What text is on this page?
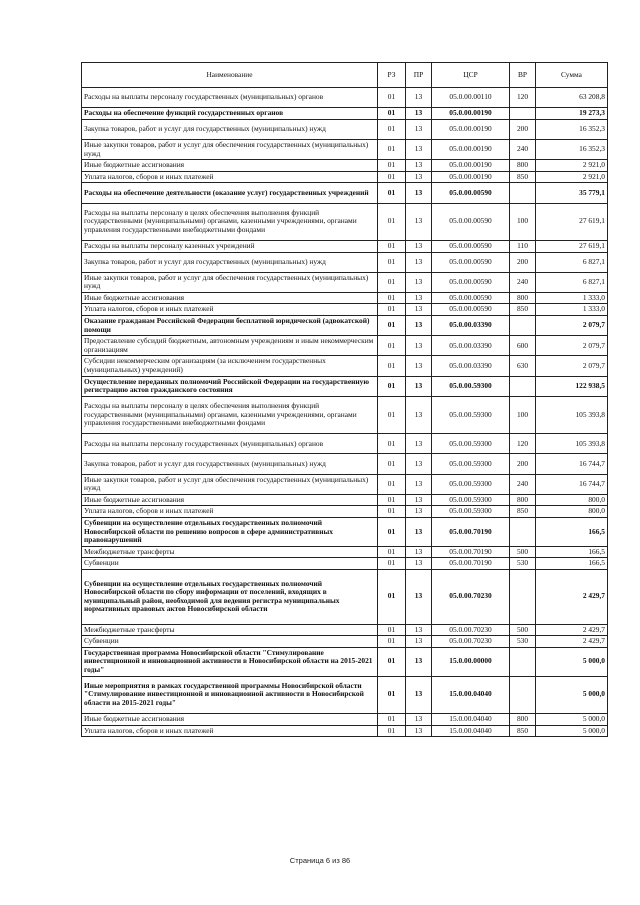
Наименование	РЗ	ПР	ЦСР	ВР	Сумма
Расходы на выплаты персоналу государственных (муниципальных) органов	01	13	05.0.00.00110	120	63 208,8
Расходы на обеспечение функций государственных органов	01	13	05.0.00.00190		19 273,3
Закупка товаров, работ и услуг для государственных (муниципальных) нужд	01	13	05.0.00.00190	200	16 352,3
Иные закупки товаров, работ и услуг для обеспечения государственных (муниципальных) нужд	01	13	05.0.00.00190	240	16 352,3
Иные бюджетные ассигнования	01	13	05.0.00.00190	800	2 921,0
Уплата налогов, сборов и иных платежей	01	13	05.0.00.00190	850	2 921,0
Расходы на обеспечение деятельности (оказание услуг) государственных учреждений	01	13	05.0.00.00590		35 779,1
Расходы на выплаты персоналу в целях обеспечения выполнения функций государственными (муниципальными) органами, казенными учреждениями, органами управления государственными внебюджетными фондами	01	13	05.0.00.00590	100	27 619,1
Расходы на выплаты персоналу казенных учреждений	01	13	05.0.00.00590	110	27 619,1
Закупка товаров, работ и услуг для государственных (муниципальных) нужд	01	13	05.0.00.00590	200	6 827,1
Иные закупки товаров, работ и услуг для обеспечения государственных (муниципальных) нужд	01	13	05.0.00.00590	240	6 827,1
Иные бюджетные ассигнования	01	13	05.0.00.00590	800	1 333,0
Уплата налогов, сборов и иных платежей	01	13	05.0.00.00590	850	1 333,0
Оказание гражданам Российской Федерации бесплатной юридической (адвокатской) помощи	01	13	05.0.00.03390		2 079,7
Предоставление субсидий бюджетным, автономным учреждениям и иным некоммерческим организациям	01	13	05.0.00.03390	600	2 079,7
Субсидии некоммерческим организациям (за исключением государственных (муниципальных) учреждений)	01	13	05.0.00.03390	630	2 079,7
Осуществление переданных полномочий Российской Федерации на государственную регистрацию актов гражданского состояния	01	13	05.0.00.59300		122 938,5
Расходы на выплаты персоналу в целях обеспечения выполнения функций государственными (муниципальными) органами, казенными учреждениями, органами управления государственными внебюджетными фондами	01	13	05.0.00.59300	100	105 393,8
Расходы на выплаты персоналу государственных (муниципальных) органов	01	13	05.0.00.59300	120	105 393,8
Закупка товаров, работ и услуг для государственных (муниципальных) нужд	01	13	05.0.00.59300	200	16 744,7
Иные закупки товаров, работ и услуг для обеспечения государственных (муниципальных) нужд	01	13	05.0.00.59300	240	16 744,7
Иные бюджетные ассигнования	01	13	05.0.00.59300	800	800,0
Уплата налогов, сборов и иных платежей	01	13	05.0.00.59300	850	800,0
Субвенции на осуществление отдельных государственных полномочий Новосибирской области по решению вопросов в сфере административных правонарушений	01	13	05.0.00.70190		166,5
Межбюджетные трансферты	01	13	05.0.00.70190	500	166,5
Субвенции	01	13	05.0.00.70190	530	166,5
Субвенции на осуществление отдельных государственных полномочий Новосибирской области по сбору информации от поселений, входящих в муниципальный район, необходимой для ведения регистра муниципальных нормативных правовых актов Новосибирской области	01	13	05.0.00.70230		2 429,7
Межбюджетные трансферты	01	13	05.0.00.70230	500	2 429,7
Субвенции	01	13	05.0.00.70230	530	2 429,7
Государственная программа Новосибирской области "Стимулирование инвестиционной и инновационной активности в Новосибирской области на 2015-2021 годы"	01	13	15.0.00.00000		5 000,0
Иные мероприятия в рамках государственной программы Новосибирской области "Стимулирование инвестиционной и инновационной активности в Новосибирской области на 2015-2021 годы"	01	13	15.0.00.04040		5 000,0
Иные бюджетные ассигнования	01	13	15.0.00.04040	800	5 000,0
Уплата налогов, сборов и иных платежей	01	13	15.0.00.04040	850	5 000,0
Страница 6 из 86
